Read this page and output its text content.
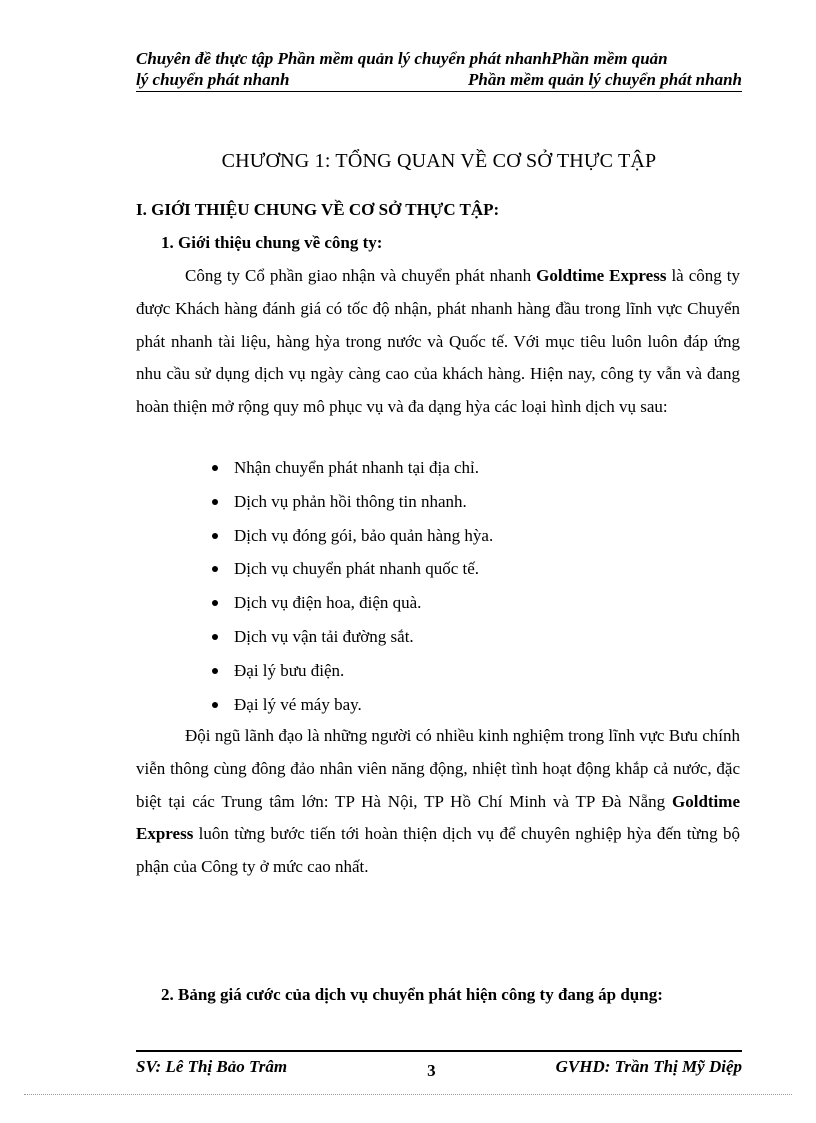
Chuyên đề thực tập Phần mềm quản lý chuyển phát nhanhPhần mềm quản
lý chuyển phát nhanh	Phần mềm quản lý chuyển phát nhanh
CHƯƠNG 1: TỔNG QUAN VỀ CƠ SỞ THỰC TẬP
I. GIỚI THIỆU CHUNG VỀ CƠ SỞ THỰC TẬP:
1. Giới thiệu chung về công ty:

Công ty Cổ phần giao nhận và chuyển phát nhanh Goldtime Express là công ty được Khách hàng đánh giá có tốc độ nhận, phát nhanh hàng đầu trong lĩnh vực Chuyển phát nhanh tài liệu, hàng hỳa trong nước và Quốc tế. Với mục tiêu luôn luôn đáp ứng nhu cầu sử dụng dịch vụ ngày càng cao của khách hàng. Hiện nay, công ty vẫn và đang hoàn thiện mở rộng quy mô phục vụ và đa dạng hỳa các loại hình dịch vụ sau:

Nhận chuyển phát nhanh tại địa chỉ.
Dịch vụ phản hồi thông tin nhanh.
Dịch vụ đóng gói, bảo quản hàng hỳa.
Dịch vụ chuyển phát nhanh quốc tế.
Dịch vụ điện hoa, điện quà.
Dịch vụ vận tải đường sắt.
Đại lý bưu điện.
Đại lý vé máy bay.

Đội ngũ lãnh đạo là những người có nhiều kinh nghiệm trong lĩnh vực Bưu chính viễn thông cùng đông đảo nhân viên năng động, nhiệt tình hoạt động khắp cả nước, đặc biệt tại các Trung tâm lớn: TP Hà Nội, TP Hồ Chí Minh và TP Đà Nẵng Goldtime Express luôn từng bước tiến tới hoàn thiện dịch vụ để chuyên nghiệp hỳa đến từng bộ phận của Công ty ở mức cao nhất.

2. Bảng giá cước của dịch vụ chuyển phát hiện công ty đang áp dụng:
SV: Lê Thị Bảo Trâm	3	GVHD: Trần Thị Mỹ Diệp
